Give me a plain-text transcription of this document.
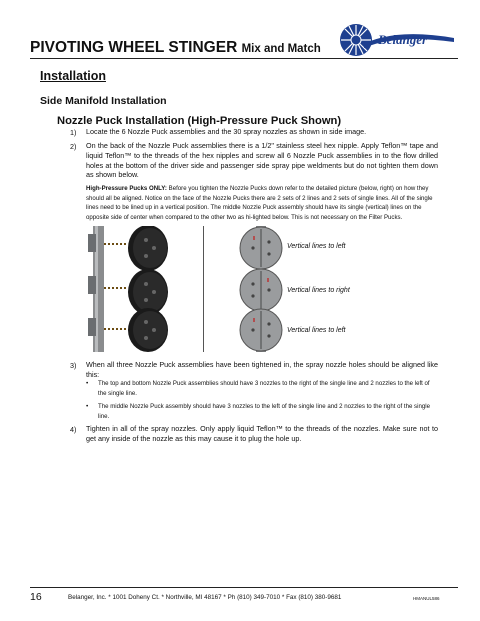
PIVOTING WHEEL STINGER Mix and Match
Belanger
Installation
Side Manifold Installation
Nozzle Puck Installation (High-Pressure Puck Shown)
1) Locate the 6 Nozzle Puck assemblies and the 30 spray nozzles as shown in side image.
2) On the back of the Nozzle Puck assemblies there is a 1/2" stainless steel hex nipple. Apply Teflon™ tape and liquid Teflon™ to the threads of the hex nipples and screw all 6 Nozzle Puck assemblies in to the flow drilled holes at the bottom of the driver side and passenger side spray pipe weldments but do not tighten them down as shown below.
High-Pressure Pucks ONLY: Before you tighten the Nozzle Pucks down refer to the detailed picture (below, right) on how they should all be aligned. Notice on the face of the Nozzle Pucks there are 2 sets of 2 lines and 2 sets of single lines. All of the single lines need to be lined up in a vertical position. The middle Nozzle Puck assembly should have its single (vertical) lines on the opposite side of center when compared to the other two as hi-lighted below. This is not necessary on the Filter Pucks.
Vertical lines to left
Vertical lines to right
Vertical lines to left
3) When all three Nozzle Puck assemblies have been tightened in, the spray nozzle holes should be aligned like this:
• The top and bottom Nozzle Puck assemblies should have 3 nozzles to the right of the single line and 2 nozzles to the left of the single line.
• The middle Nozzle Puck assembly should have 3 nozzles to the left of the single line and 2 nozzles to the right of the single line.
4) Tighten in all of the spray nozzles. Only apply liquid Teflon™ to the threads of the nozzles. Make sure not to get any inside of the nozzle as this may cause it to plug the hole up.
16	Belanger, Inc. * 1001 Doheny Ct. * Northville, MI 48167 * Ph (810) 349-7010 * Fax (810) 380-9681	HMANUL586
